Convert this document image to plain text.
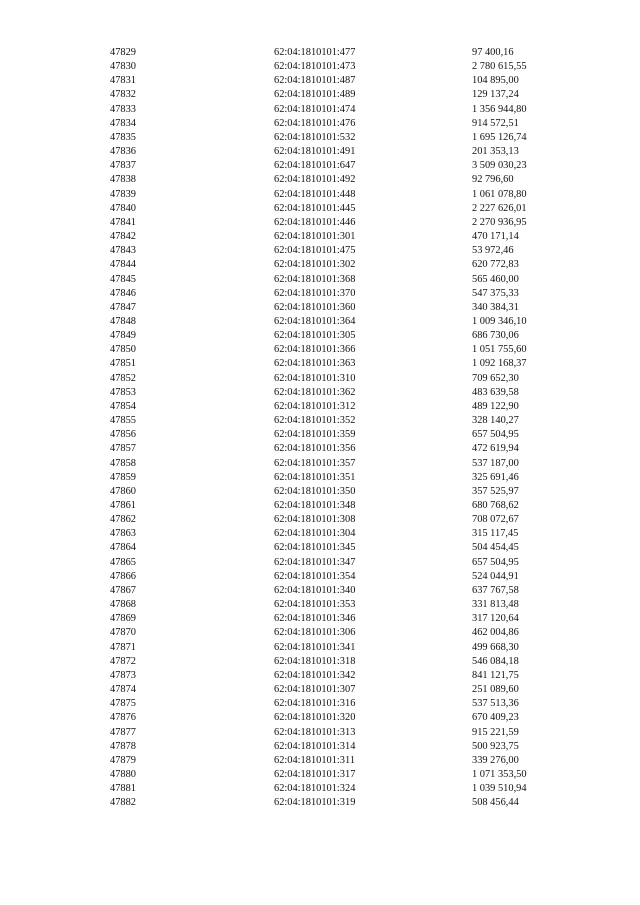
47829	62:04:1810101:477	97 400,16
47830	62:04:1810101:473	2 780 615,55
47831	62:04:1810101:487	104 895,00
47832	62:04:1810101:489	129 137,24
47833	62:04:1810101:474	1 356 944,80
47834	62:04:1810101:476	914 572,51
47835	62:04:1810101:532	1 695 126,74
47836	62:04:1810101:491	201 353,13
47837	62:04:1810101:647	3 509 030,23
47838	62:04:1810101:492	92 796,60
47839	62:04:1810101:448	1 061 078,80
47840	62:04:1810101:445	2 227 626,01
47841	62:04:1810101:446	2 270 936,95
47842	62:04:1810101:301	470 171,14
47843	62:04:1810101:475	53 972,46
47844	62:04:1810101:302	620 772,83
47845	62:04:1810101:368	565 460,00
47846	62:04:1810101:370	547 375,33
47847	62:04:1810101:360	340 384,31
47848	62:04:1810101:364	1 009 346,10
47849	62:04:1810101:305	686 730,06
47850	62:04:1810101:366	1 051 755,60
47851	62:04:1810101:363	1 092 168,37
47852	62:04:1810101:310	709 652,30
47853	62:04:1810101:362	483 639,58
47854	62:04:1810101:312	489 122,90
47855	62:04:1810101:352	328 140,27
47856	62:04:1810101:359	657 504,95
47857	62:04:1810101:356	472 619,94
47858	62:04:1810101:357	537 187,00
47859	62:04:1810101:351	325 691,46
47860	62:04:1810101:350	357 525,97
47861	62:04:1810101:348	680 768,62
47862	62:04:1810101:308	708 072,67
47863	62:04:1810101:304	315 117,45
47864	62:04:1810101:345	504 454,45
47865	62:04:1810101:347	657 504,95
47866	62:04:1810101:354	524 044,91
47867	62:04:1810101:340	637 767,58
47868	62:04:1810101:353	331 813,48
47869	62:04:1810101:346	317 120,64
47870	62:04:1810101:306	462 004,86
47871	62:04:1810101:341	499 668,30
47872	62:04:1810101:318	546 084,18
47873	62:04:1810101:342	841 121,75
47874	62:04:1810101:307	251 089,60
47875	62:04:1810101:316	537 513,36
47876	62:04:1810101:320	670 409,23
47877	62:04:1810101:313	915 221,59
47878	62:04:1810101:314	500 923,75
47879	62:04:1810101:311	339 276,00
47880	62:04:1810101:317	1 071 353,50
47881	62:04:1810101:324	1 039 510,94
47882	62:04:1810101:319	508 456,44
